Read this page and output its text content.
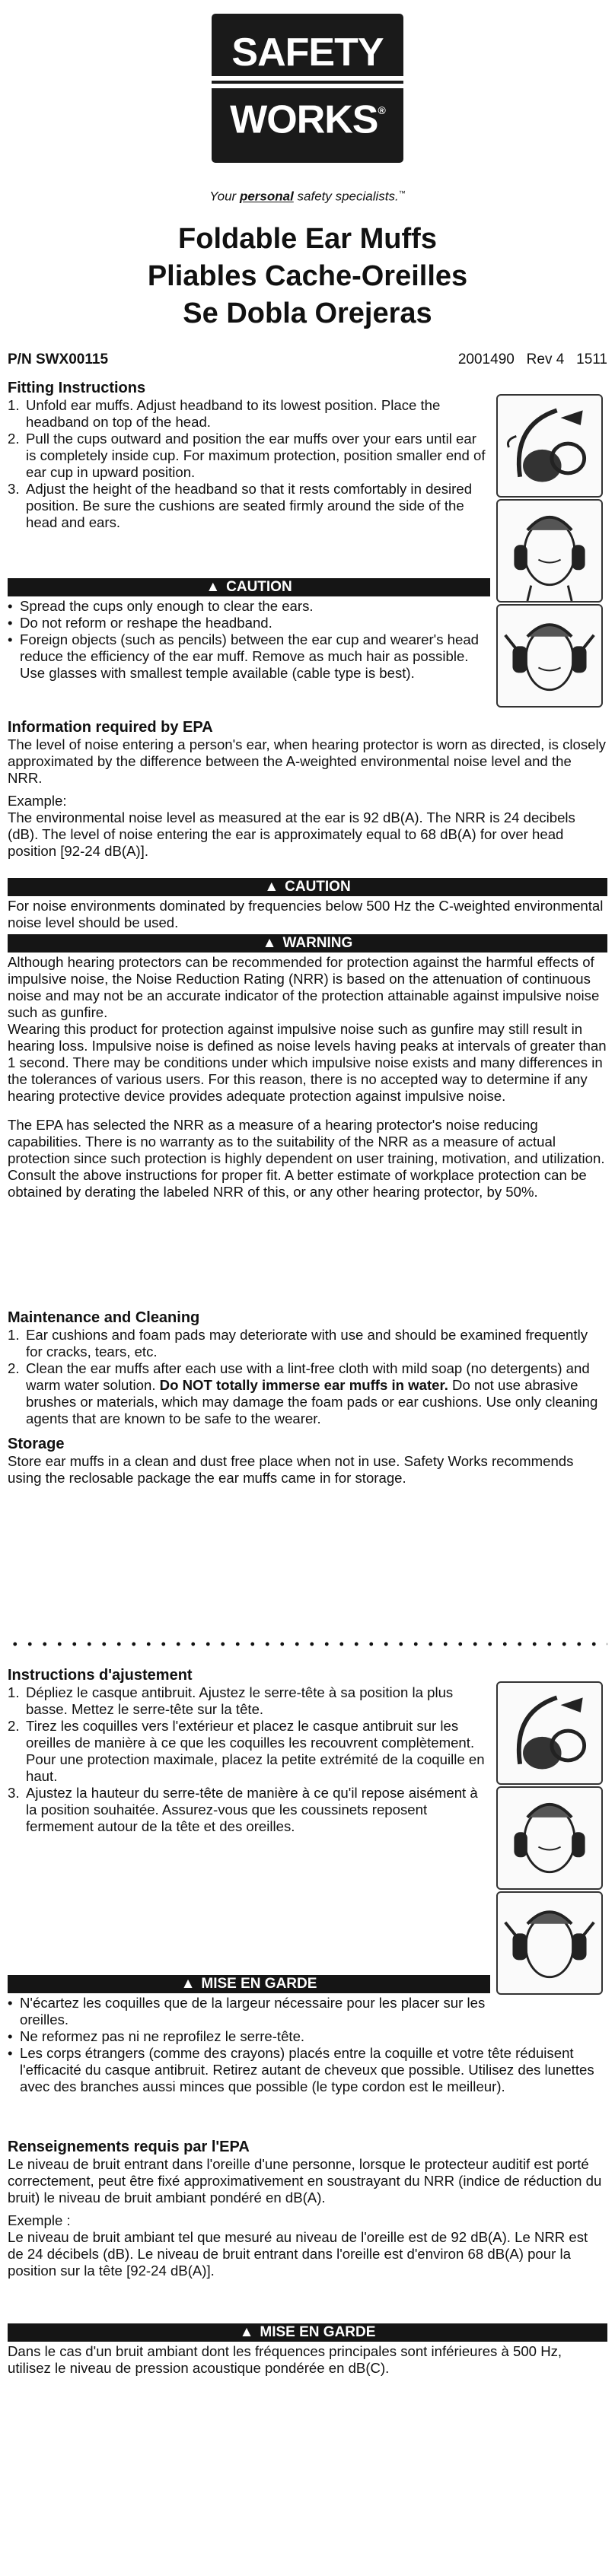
SAFETY
WORKS®
Your personal safety specialists.™
Foldable Ear Muffs
Pliables Cache-Oreilles
Se Dobla Orejeras
P/N SWX00115	2001490   Rev 4   1511
Fitting Instructions
1. Unfold ear muffs. Adjust headband to its lowest position. Place the headband on top of the head.
2. Pull the cups outward and position the ear muffs over your ears until ear is completely inside cup. For maximum protection, position smaller end of ear cup in upward position.
3. Adjust the height of the headband so that it rests comfortably in desired position. Be sure the cushions are seated firmly around the side of the head and ears.
▲ CAUTION
• Spread the cups only enough to clear the ears.
• Do not reform or reshape the headband.
• Foreign objects (such as pencils) between the ear cup and wearer's head reduce the efficiency of the ear muff. Remove as much hair as possible. Use glasses with smallest temple available (cable type is best).
Information required by EPA
The level of noise entering a person's ear, when hearing protector is worn as directed, is closely approximated by the difference between the A-weighted environmental noise level and the NRR.
Example:
The environmental noise level as measured at the ear is 92 dB(A). The NRR is 24 decibels (dB). The level of noise entering the ear is approximately equal to 68 dB(A) for over head position [92-24 dB(A)].
▲ CAUTION
For noise environments dominated by frequencies below 500 Hz the C-weighted environmental noise level should be used.
▲ WARNING
Although hearing protectors can be recommended for protection against the harmful effects of impulsive noise, the Noise Reduction Rating (NRR) is based on the attenuation of continuous noise and may not be an accurate indicator of the protection attainable against impulsive noise such as gunfire.
Wearing this product for protection against impulsive noise such as gunfire may still result in hearing loss. Impulsive noise is defined as noise levels having peaks at intervals of greater than 1 second. There may be conditions under which impulsive noise exists and many differences in the tolerances of various users. For this reason, there is no accepted way to determine if any hearing protective device provides adequate protection against impulsive noise.
The EPA has selected the NRR as a measure of a hearing protector's noise reducing capabilities. There is no warranty as to the suitability of the NRR as a measure of actual protection since such protection is highly dependent on user training, motivation, and utilization. Consult the above instructions for proper fit. A better estimate of workplace protection can be obtained by derating the labeled NRR of this, or any other hearing protector, by 50%.
Maintenance and Cleaning
1. Ear cushions and foam pads may deteriorate with use and should be examined frequently for cracks, tears, etc.
2. Clean the ear muffs after each use with a lint-free cloth with mild soap (no detergents) and warm water solution. Do NOT totally immerse ear muffs in water. Do not use abrasive brushes or materials, which may damage the foam pads or ear cushions. Use only cleaning agents that are known to be safe to the wearer.
Storage
Store ear muffs in a clean and dust free place when not in use. Safety Works recommends using the reclosable package the ear muffs came in for storage.
Instructions d'ajustement
1. Dépliez le casque antibruit. Ajustez le serre-tête à sa position la plus basse. Mettez le serre-tête sur la tête.
2. Tirez les coquilles vers l'extérieur et placez le casque antibruit sur les oreilles de manière à ce que les coquilles les recouvrent complètement. Pour une protection maximale, placez la petite extrémité de la coquille en haut.
3. Ajustez la hauteur du serre-tête de manière à ce qu'il repose aisément à la position souhaitée. Assurez-vous que les coussinets reposent fermement autour de la tête et des oreilles.
▲ MISE EN GARDE
• N'écartez les coquilles que de la largeur nécessaire pour les placer sur les oreilles.
• Ne reformez pas ni ne reprofilez le serre-tête.
• Les corps étrangers (comme des crayons) placés entre la coquille et votre tête réduisent l'efficacité du casque antibruit. Retirez autant de cheveux que possible. Utilisez des lunettes avec des branches aussi minces que possible (le type cordon est le meilleur).
Renseignements requis par l'EPA
Le niveau de bruit entrant dans l'oreille d'une personne, lorsque le protecteur auditif est porté correctement, peut être fixé approximativement en soustrayant du NRR (indice de réduction du bruit) le niveau de bruit ambiant pondéré en dB(A).
Exemple :
Le niveau de bruit ambiant tel que mesuré au niveau de l'oreille est de 92 dB(A). Le NRR est de 24 décibels (dB). Le niveau de bruit entrant dans l'oreille est d'environ 68 dB(A) pour la position sur la tête [92-24 dB(A)].
▲ MISE EN GARDE
Dans le cas d'un bruit ambiant dont les fréquences principales sont inférieures à 500 Hz, utilisez le niveau de pression acoustique pondérée en dB(C).
